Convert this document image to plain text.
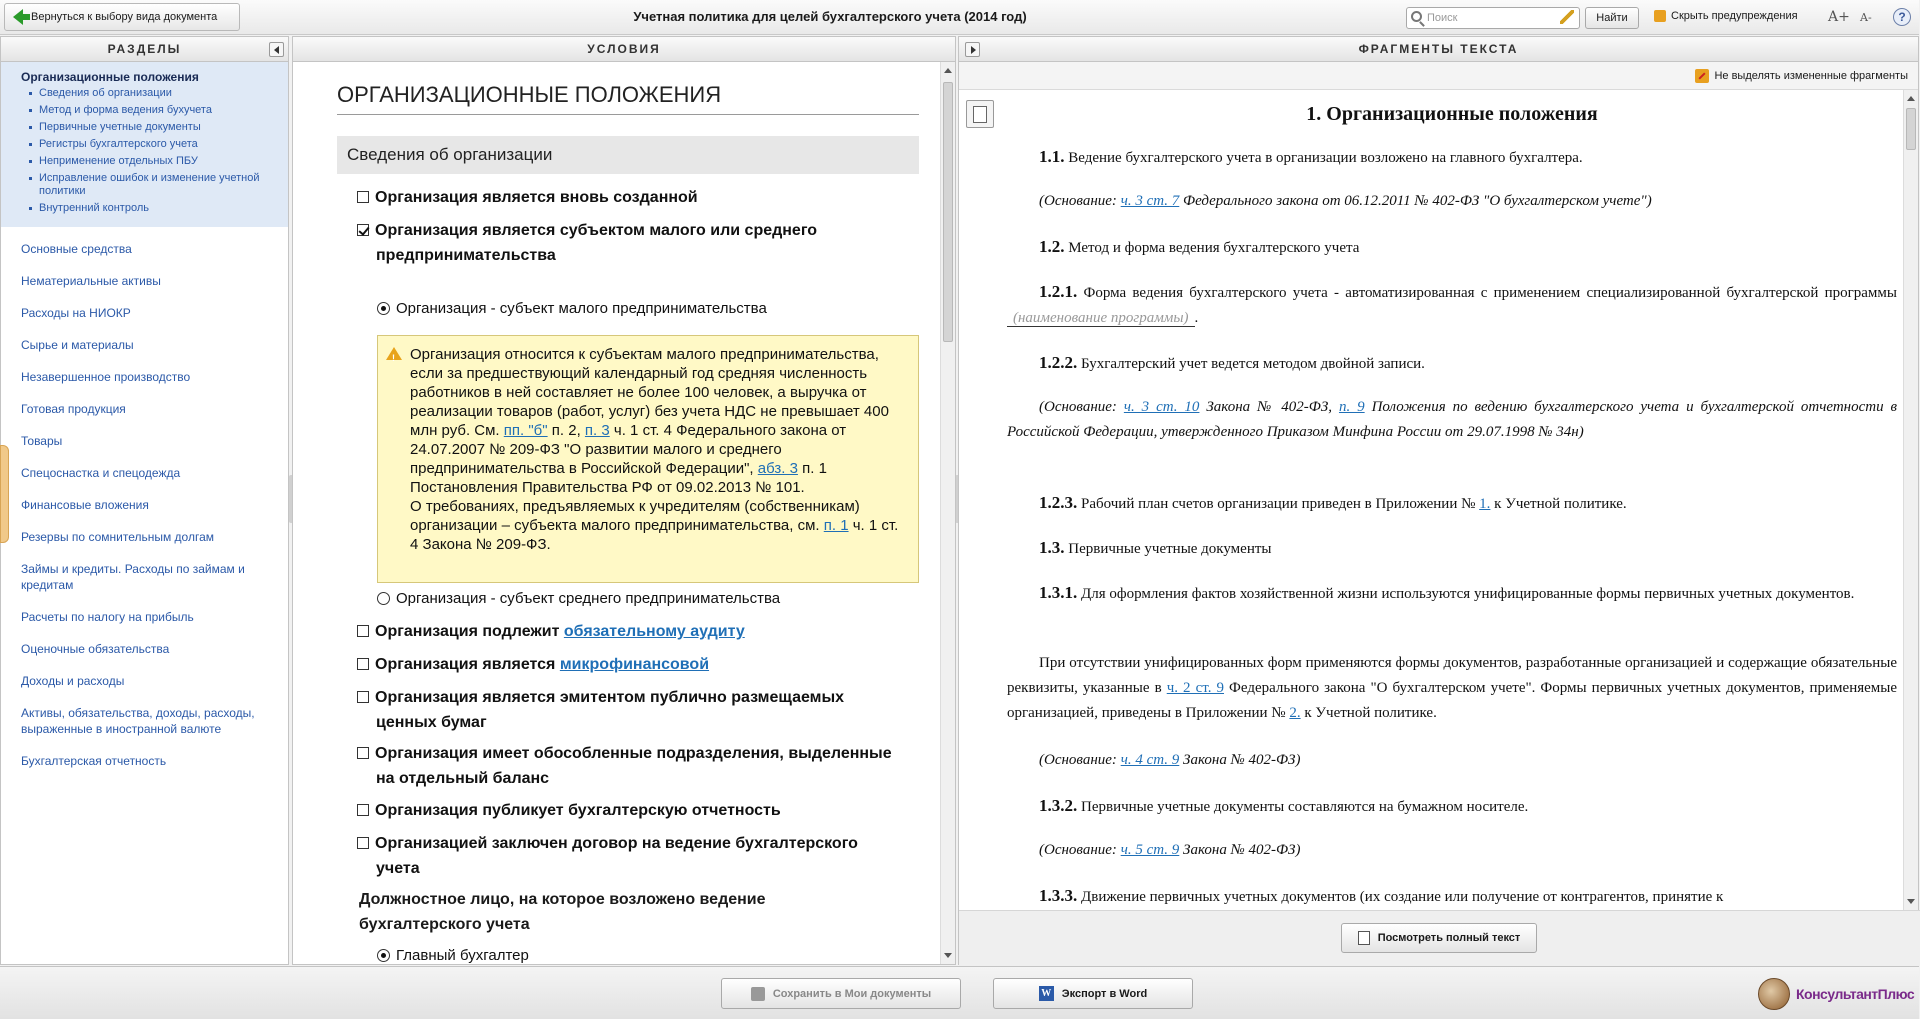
Вернуться к выбору вида документа	Учетная политика для целей бухгалтерского учета (2014 год)	Поиск	Найти	Скрыть предупреждения A+ A-	?
РАЗДЕЛЫ
Организационные положения
Сведения об организации
Метод и форма ведения бухучета
Первичные учетные документы
Регистры бухгалтерского учета
Неприменение отдельных ПБУ
Исправление ошибок и изменение учетной политики
Внутренний контроль
Основные средства
Нематериальные активы
Расходы на НИОКР
Сырье и материалы
Незавершенное производство
Готовая продукция
Товары
Спецоснастка и спецодежда
Финансовые вложения
Резервы по сомнительным долгам
Займы и кредиты. Расходы по займам и кредитам
Расчеты по налогу на прибыль
Оценочные обязательства
Доходы и расходы
Активы, обязательства, доходы, расходы, выраженные в иностранной валюте
Бухгалтерская отчетность
УСЛОВИЯ
ОРГАНИЗАЦИОННЫЕ ПОЛОЖЕНИЯ
Сведения об организации
Организация является вновь созданной
Организация является субъектом малого или среднего
предпринимательства
Организация - субъект малого предпринимательства
!
Организация относится к субъектам малого предпринимательства, если за предшествующий календарный год средняя численность работников в ней составляет не более 100 человек, а выручка от реализации товаров (работ, услуг) без учета НДС не превышает 400 млн руб. См. пп. "б" п. 2, п. 3 ч. 1 ст. 4 Федерального закона от 24.07.2007 № 209-ФЗ "О развитии малого и среднего предпринимательства в Российской Федерации", абз. 3 п. 1 Постановления Правительства РФ от 09.02.2013 № 101.
О требованиях, предъявляемых к учредителям (собственникам) организации – субъекта малого предпринимательства, см. п. 1 ч. 1 ст. 4 Закона № 209-ФЗ.
Организация - субъект среднего предпринимательства
Организация подлежит обязательному аудиту
Организация является микрофинансовой
Организация является эмитентом публично размещаемых
ценных бумаг
Организация имеет обособленные подразделения, выделенные
на отдельный баланс
Организация публикует бухгалтерскую отчетность
Организацией заключен договор на ведение бухгалтерского
учета
Должностное лицо, на которое возложено ведение
бухгалтерского учета
Главный бухгалтер
ФРАГМЕНТЫ ТЕКСТА
Не выделять измененные фрагменты
1. Организационные положения
1.1. Ведение бухгалтерского учета в организации возложено на главного бухгалтера.
(Основание: ч. 3 ст. 7 Федерального закона от 06.12.2011 № 402-ФЗ "О бухгалтерском учете")
1.2. Метод и форма ведения бухгалтерского учета
1.2.1. Форма ведения бухгалтерского учета - автоматизированная с применением специализированной бухгалтерской программы (наименование программы) .
1.2.2. Бухгалтерский учет ведется методом двойной записи.
(Основание: ч. 3 ст. 10 Закона № 402-ФЗ, п. 9 Положения по ведению бухгалтерского учета и бухгалтерской отчетности в Российской Федерации, утвержденного Приказом Минфина России от 29.07.1998 № 34н)
1.2.3. Рабочий план счетов организации приведен в Приложении № 1. к Учетной политике.
1.3. Первичные учетные документы
1.3.1. Для оформления фактов хозяйственной жизни используются унифицированные формы первичных учетных документов.
При отсутствии унифицированных форм применяются формы документов, разработанные организацией и содержащие обязательные реквизиты, указанные в ч. 2 ст. 9 Федерального закона "О бухгалтерском учете". Формы первичных учетных документов, применяемые организацией, приведены в Приложении № 2. к Учетной политике.
(Основание: ч. 4 ст. 9 Закона № 402-ФЗ)
1.3.2. Первичные учетные документы составляются на бумажном носителе.
(Основание: ч. 5 ст. 9 Закона № 402-ФЗ)
1.3.3. Движение первичных учетных документов (их создание или получение от контрагентов, принятие к
Посмотреть полный текст
Сохранить в Мои документы	W Экспорт в Word	КонсультантПлюс
